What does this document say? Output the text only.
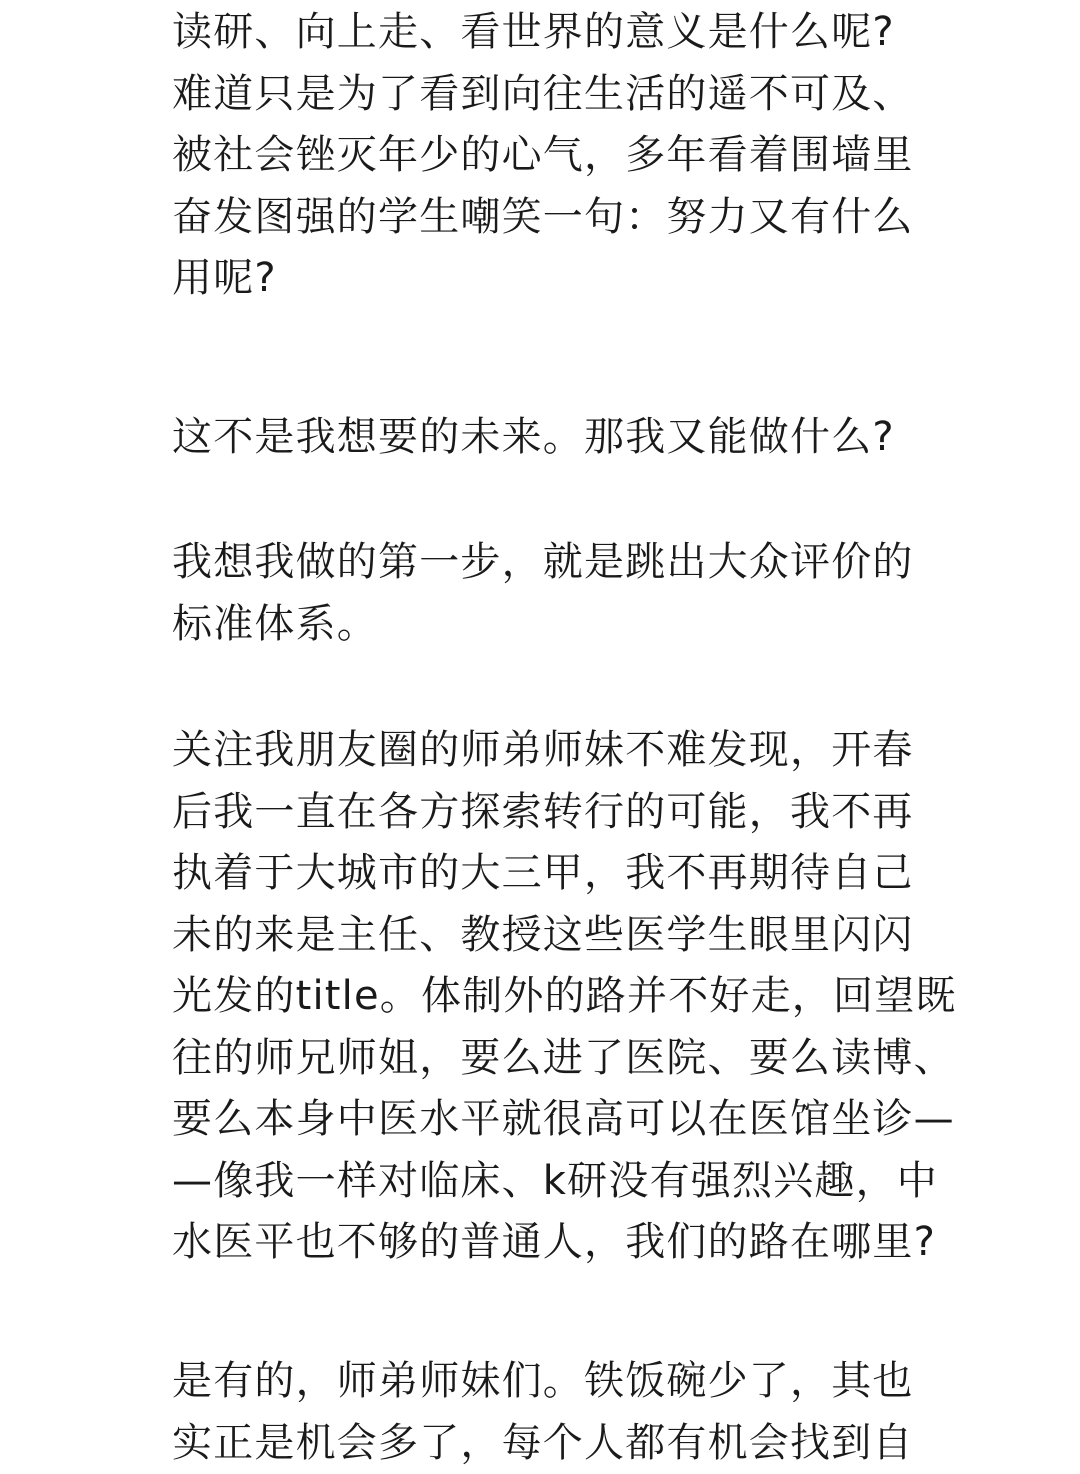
读研、向上走、看世界的意义是什么呢?
难道只是为了看到向往生活的遥不可及、
被社会锉灭年少的心气，多年看着围墙里
奋发图强的学生嘲笑一句：努力又有什么
用呢?
这不是我想要的未来。那我又能做什么?
我想我做的第一步，就是跳出大众评价的
标准体系。
关注我朋友圈的师弟师妹不难发现，开春
后我一直在各方探索转行的可能，我不再
执着于大城市的大三甲，我不再期待自己
未的来是主任、教授这些医学生眼里闪闪
光发的title。体制外的路并不好走，回望既
往的师兄师姐，要么进了医院、要么读博、
要么本身中医水平就很高可以在医馆坐诊—
—像我一样对临床、k研没有强烈兴趣，中
水医平也不够的普通人，我们的路在哪里?
是有的，师弟师妹们。铁饭碗少了，其也
实正是机会多了，每个人都有机会找到自
